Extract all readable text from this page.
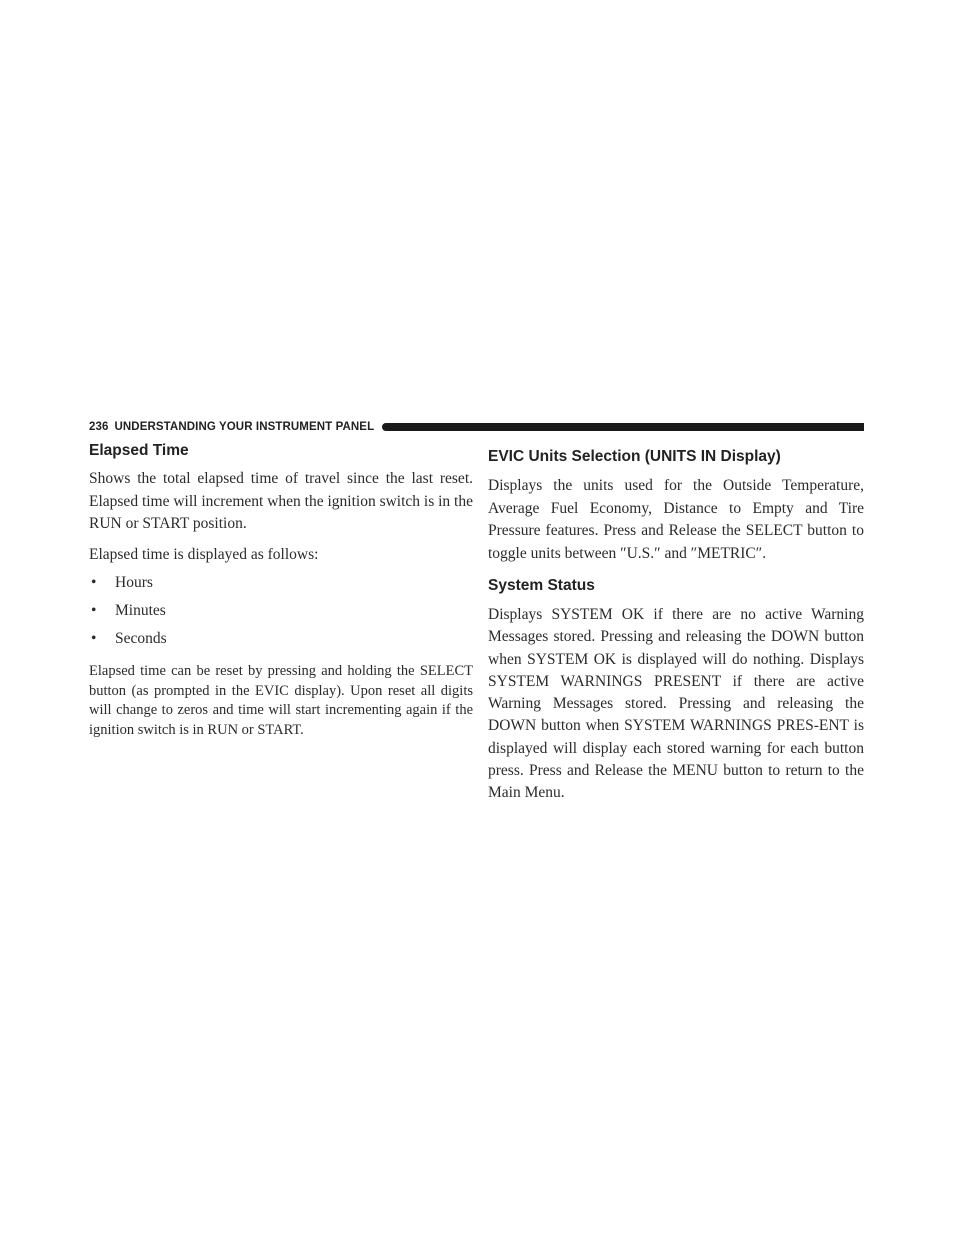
236 UNDERSTANDING YOUR INSTRUMENT PANEL
Elapsed Time

Shows the total elapsed time of travel since the last reset. Elapsed time will increment when the ignition switch is in the RUN or START position.

Elapsed time is displayed as follows:

•	Hours
•	Minutes
•	Seconds

Elapsed time can be reset by pressing and holding the SELECT button (as prompted in the EVIC display). Upon reset all digits will change to zeros and time will start incrementing again if the ignition switch is in RUN or START.

EVIC Units Selection (UNITS IN Display)

Displays the units used for the Outside Temperature, Average Fuel Economy, Distance to Empty and Tire Pressure features. Press and Release the SELECT button to toggle units between ″U.S.″ and ″METRIC″.

System Status

Displays SYSTEM OK if there are no active Warning Messages stored. Pressing and releasing the DOWN button when SYSTEM OK is displayed will do nothing. Displays SYSTEM WARNINGS PRESENT if there are active Warning Messages stored. Pressing and releasing the DOWN button when SYSTEM WARNINGS PRES-ENT is displayed will display each stored warning for each button press. Press and Release the MENU button to return to the Main Menu.
